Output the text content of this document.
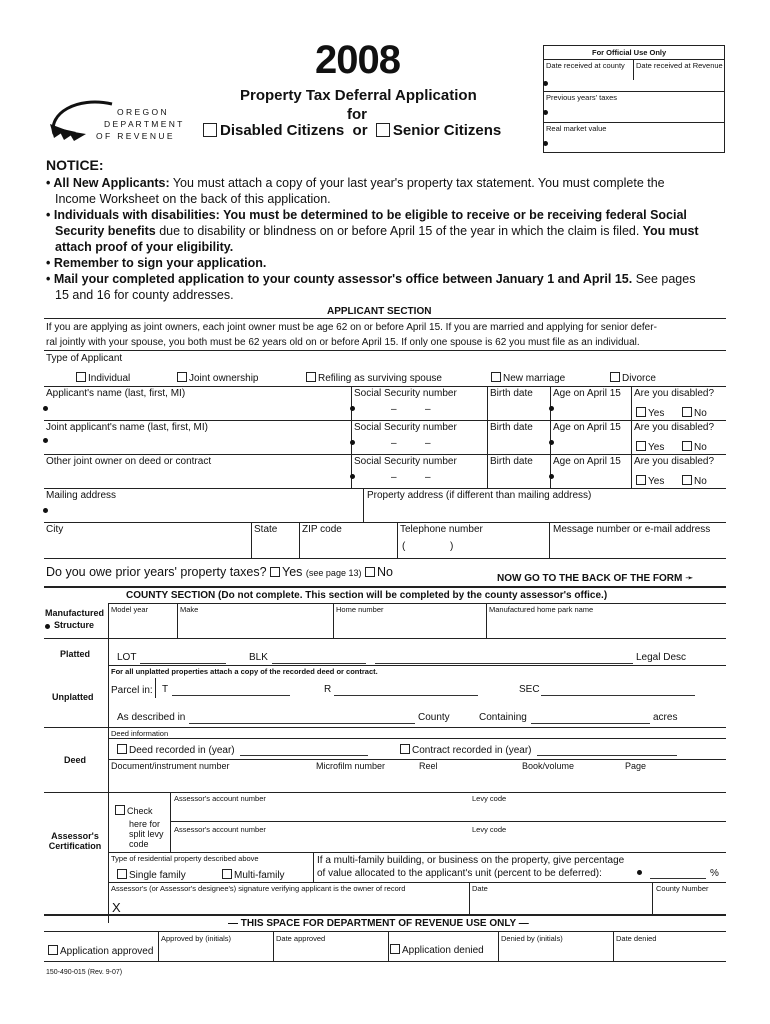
2008
Property Tax Deferral Application
for
Disabled Citizens or Senior Citizens
O R E G O N
D E P A R T M E N T
O F   R E V E N U E
For Official Use Only
Date received at county Date received at Revenue
Previous years' taxes
Real market value
NOTICE:
• All New Applicants: You must attach a copy of your last year's property tax statement. You must complete the
Income Worksheet on the back of this application.
• Individuals with disabilities: You must be determined to be eligible to receive or be receiving federal Social
Security benefits due to disability or blindness on or before April 15 of the year in which the claim is filed. You must
attach proof of your eligibility.
• Remember to sign your application.
• Mail your completed application to your county assessor's office between January 1 and April 15. See pages
15 and 16 for county addresses.
APPLICANT SECTION
If you are applying as joint owners, each joint owner must be age 62 on or before April 15. If you are married and applying for senior defer-
ral jointly with your spouse, you both must be 62 years old on or before April 15. If only one spouse is 62 you must file as an individual.
Type of Applicant
Individual	Joint ownership	Refiling as surviving spouse	New marriage	Divorce
Applicant's name (last, first, MI)	Social Security number	Birth date Age on April 15 Are you disabled?
–	–	Yes	No
Joint applicant's name (last, first, MI)	Social Security number	Birth date Age on April 15 Are you disabled?
–	–	Yes	No
Other joint owner on deed or contract	Social Security number	Birth date Age on April 15 Are you disabled?
–	–	Yes	No
Mailing address	Property address (if different than mailing address)
City	State ZIP code	Telephone number
(	)
Message number or e-mail address
Do you owe prior years' property taxes? Yes (see page 13) No	NOW GO TO THE BACK OF THE FORM ➛
COUNTY SECTION (Do not complete. This section will be completed by the county assessor's office.)
Manufactured
Structure
Model year	Make	Home number	Manufactured home park name
Platted	LOT	BLK	Legal Desc
For all unplatted properties attach a copy of the recorded deed or contract.
Unplatted
Parcel in: T	R	SEC
As described in	County	Containing	acres
Deed information
Deed
Deed recorded in (year)	Contract recorded in (year)
Document/instrument number	Microfilm number	Reel	Book/volume	Page
Assessor's account number	Levy code
Assessor's account number	Levy code
Check
here for
split levy
code
Assessor's
Certification
Type of residential property described above
Single family	Multi-family
If a multi-family building, or business on the property, give percentage
of value allocated to the applicant's unit (percent to be deferred):	%
Assessor's (or Assessor's designee's) signature verifying applicant is the owner of record
X
Date	County Number
— THIS SPACE FOR DEPARTMENT OF REVENUE USE ONLY —
Application approved
Approved by (initials)	Date approved
Application denied
Denied by (initials)	Date denied
150-490-015 (Rev. 9-07)
